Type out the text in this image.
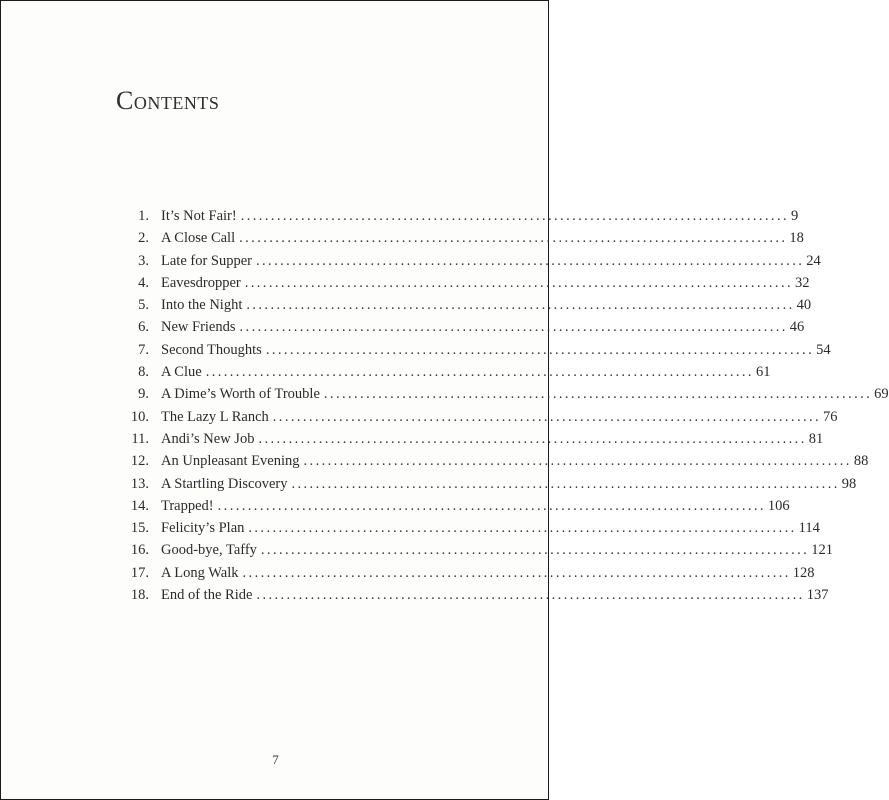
Contents
1. It’s Not Fair! ........................................................................................... 9
2. A Close Call ........................................................................................... 18
3. Late for Supper ........................................................................................... 24
4. Eavesdropper ........................................................................................... 32
5. Into the Night ........................................................................................... 40
6. New Friends ........................................................................................... 46
7. Second Thoughts ........................................................................................... 54
8. A Clue ........................................................................................... 61
9. A Dime’s Worth of Trouble ........................................................................................... 69
10. The Lazy L Ranch ........................................................................................... 76
11. Andi’s New Job ........................................................................................... 81
12. An Unpleasant Evening ........................................................................................... 88
13. A Startling Discovery ........................................................................................... 98
14. Trapped! ........................................................................................... 106
15. Felicity’s Plan ........................................................................................... 114
16. Good-bye, Taffy ........................................................................................... 121
17. A Long Walk ........................................................................................... 128
18. End of the Ride ........................................................................................... 137
7
